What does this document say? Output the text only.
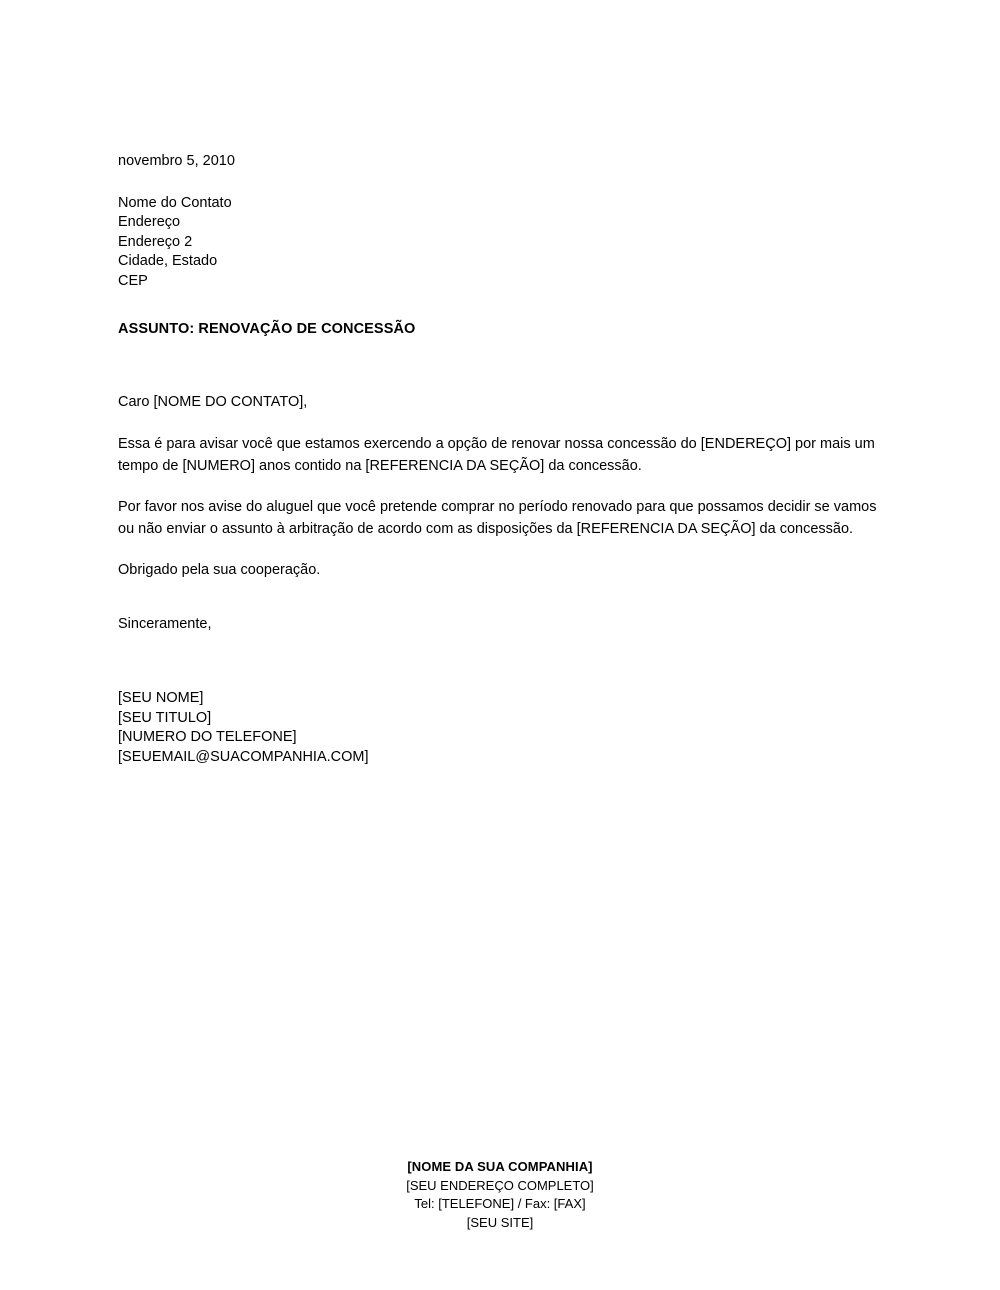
novembro 5, 2010
Nome do Contato
Endereço
Endereço 2
Cidade, Estado
CEP
ASSUNTO: RENOVAÇÃO DE CONCESSÃO
Caro [NOME DO CONTATO],
Essa é para avisar você que estamos exercendo a opção de renovar nossa concessão do [ENDEREÇO] por mais um tempo de [NUMERO] anos contido na [REFERENCIA DA SEÇÃO] da concessão.
Por favor nos avise do aluguel que você pretende comprar no período renovado para que possamos decidir se vamos ou não enviar o assunto à arbitração de acordo com as disposições da [REFERENCIA DA SEÇÃO] da concessão.
Obrigado pela sua cooperação.
Sinceramente,
[SEU NOME]
[SEU TITULO]
[NUMERO DO TELEFONE]
[SEUEMAIL@SUACOMPANHIA.COM]
[NOME DA SUA COMPANHIA]
[SEU ENDEREÇO COMPLETO]
Tel: [TELEFONE] / Fax: [FAX]
[SEU SITE]
